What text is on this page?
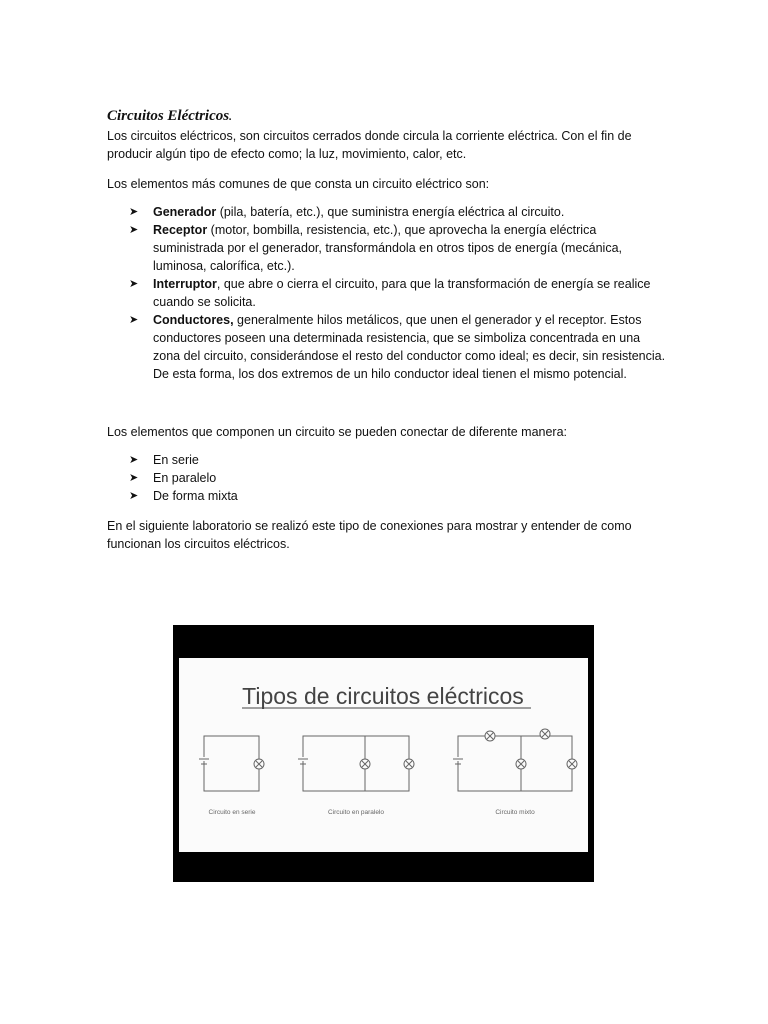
Circuitos Eléctricos.

Los circuitos eléctricos, son circuitos cerrados donde circula la corriente eléctrica. Con el fin de producir algún tipo de efecto como; la luz, movimiento, calor, etc.

Los elementos más comunes de que consta un circuito eléctrico son:

➤ Generador (pila, batería, etc.), que suministra energía eléctrica al circuito.
➤ Receptor (motor, bombilla, resistencia, etc.), que aprovecha la energía eléctrica suministrada por el generador, transformándola en otros tipos de energía (mecánica, luminosa, calorífica, etc.).
➤ Interruptor, que abre o cierra el circuito, para que la transformación de energía se realice cuando se solicita.
➤ Conductores, generalmente hilos metálicos, que unen el generador y el receptor. Estos conductores poseen una determinada resistencia, que se simboliza concentrada en una zona del circuito, considerándose el resto del conductor como ideal; es decir, sin resistencia. De esta forma, los dos extremos de un hilo conductor ideal tienen el mismo potencial.

Los elementos que componen un circuito se pueden conectar de diferente manera:

➤ En serie
➤ En paralelo
➤ De forma mixta

En el siguiente laboratorio se realizó este tipo de conexiones para mostrar y entender de como funcionan los circuitos eléctricos.

Tipos de circuitos eléctricos
Circuito en serie	Circuito en paralelo	Circuito mixto
